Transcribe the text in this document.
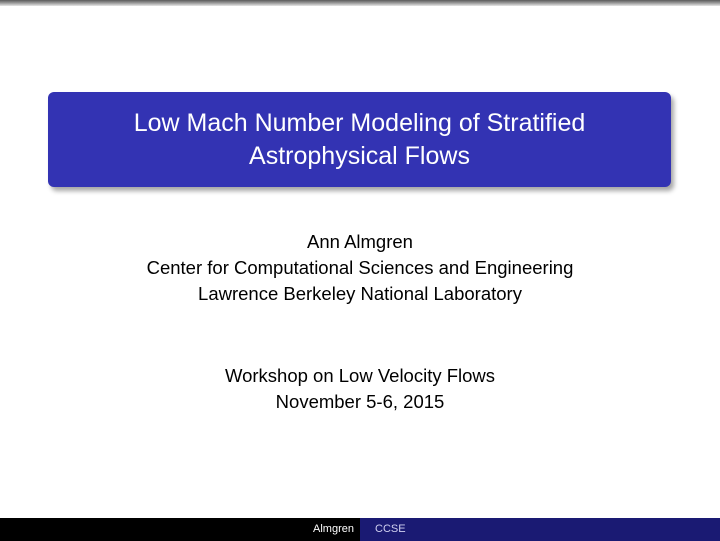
Low Mach Number Modeling of Stratified
Astrophysical Flows
Ann Almgren
Center for Computational Sciences and Engineering
Lawrence Berkeley National Laboratory
Workshop on Low Velocity Flows
November 5-6, 2015
Almgren	CCSE
